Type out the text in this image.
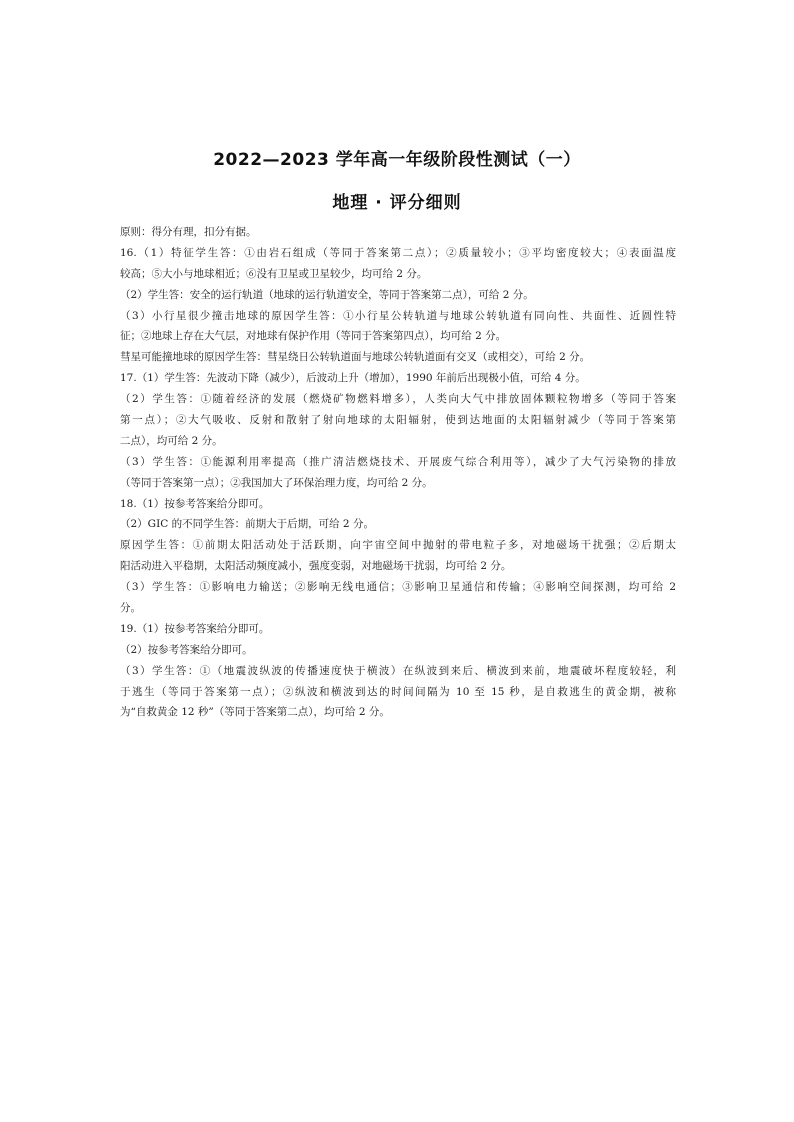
2022—2023 学年高一年级阶段性测试（一）
地理 · 评分细则
原则：得分有理，扣分有据。
16.（1）特征学生答：①由岩石组成（等同于答案第二点）；②质量较小；③平均密度较大；④表面温度
较高；⑤大小与地球相近；⑥没有卫星或卫星较少，均可给 2 分。
（2）学生答：安全的运行轨道（地球的运行轨道安全，等同于答案第二点），可给 2 分。
（3）小行星很少撞击地球的原因学生答：①小行星公转轨道与地球公转轨道有同向性、共面性、近圆性特
征；②地球上存在大气层，对地球有保护作用（等同于答案第四点），均可给 2 分。
彗星可能撞地球的原因学生答：彗星绕日公转轨道面与地球公转轨道面有交叉（或相交），可给 2 分。
17.（1）学生答：先波动下降（减少），后波动上升（增加），1990 年前后出现极小值，可给 4 分。
（2）学生答：①随着经济的发展（燃烧矿物燃料增多），人类向大气中排放固体颗粒物增多（等同于答案
第一点）；②大气吸收、反射和散射了射向地球的太阳辐射，使到达地面的太阳辐射减少（等同于答案第
二点），均可给 2 分。
（3）学生答：①能源利用率提高（推广清洁燃烧技术、开展废气综合利用等），减少了大气污染物的排放
（等同于答案第一点）；②我国加大了环保治理力度，均可给 2 分。
18.（1）按参考答案给分即可。
（2）GIC 的不同学生答：前期大于后期，可给 2 分。
原因学生答：①前期太阳活动处于活跃期，向宇宙空间中抛射的带电粒子多，对地磁场干扰强；②后期太
阳活动进入平稳期，太阳活动频度减小，强度变弱，对地磁场干扰弱，均可给 2 分。
（3）学生答：①影响电力输送；②影响无线电通信；③影响卫星通信和传输；④影响空间探测，均可给 2
分。
19.（1）按参考答案给分即可。
（2）按参考答案给分即可。
（3）学生答：①（地震波纵波的传播速度快于横波）在纵波到来后、横波到来前，地震破坏程度较轻，利
于逃生（等同于答案第一点）；②纵波和横波到达的时间间隔为 10 至 15 秒，是自救逃生的黄金期，被称
为“自救黄金 12 秒”（等同于答案第二点），均可给 2 分。
